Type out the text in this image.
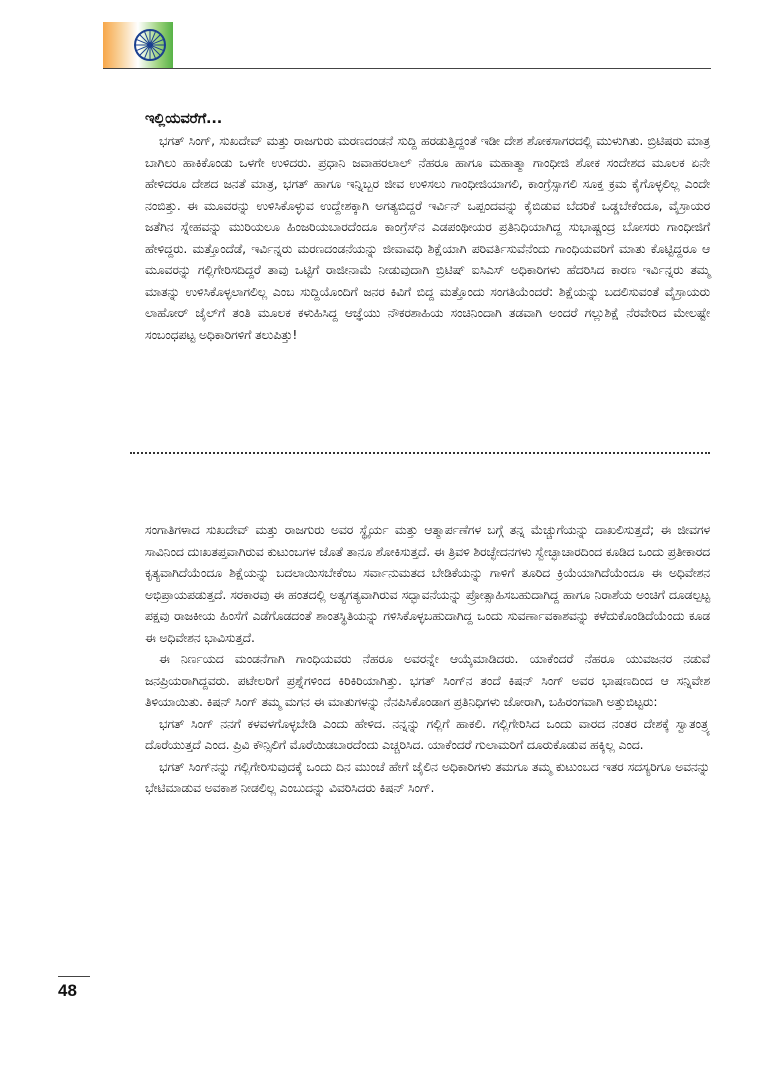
ಇಲ್ಲಿಯವರೆಗೆ...

ಭಗತ್ ಸಿಂಗ್, ಸುಖದೇವ್ ಮತ್ತು ರಾಜಗುರು ಮರಣದಂಡನೆ ಸುದ್ದಿ ಹರಡುತ್ತಿದ್ದಂತೆ ಇಡೀ ದೇಶ ಶೋಕಸಾಗರದಲ್ಲಿ ಮುಳುಗಿತು. ಬ್ರಿಟಿಷರು ಮಾತ್ರ ಬಾಗಿಲು ಹಾಕಿಕೊಂಡು ಒಳಗೇ ಉಳಿದರು. ಪ್ರಧಾನಿ ಜವಾಹರಲಾಲ್ ನೆಹರೂ ಹಾಗೂ ಮಹಾತ್ಮಾ ಗಾಂಧೀಜಿ ಶೋಕ ಸಂದೇಶದ ಮೂಲಕ ಏನೇ ಹೇಳಿದರೂ ದೇಶದ ಜನತೆ ಮಾತ್ರ, ಭಗತ್ ಹಾಗೂ ಇನ್ನಿಬ್ಬರ ಜೀವ ಉಳಿಸಲು ಗಾಂಧೀಜಿಯಾಗಲಿ, ಕಾಂಗ್ರೆಸ್ಸಾಗಲಿ ಸೂಕ್ತ ಕ್ರಮ ಕೈಗೊಳ್ಳಲಿಲ್ಲ ಎಂದೇ ನಂಬಿತ್ತು. ಈ ಮೂವರನ್ನು ಉಳಿಸಿಕೊಳ್ಳುವ ಉದ್ದೇಶಕ್ಕಾಗಿ ಅಗತ್ಯಬಿದ್ದರೆ ಇರ್ವಿನ್ ಒಪ್ಪಂದವನ್ನು ಕೈಬಿಡುವ ಬೆದರಿಕೆ ಒಡ್ಡಬೇಕೆಂದೂ, ವೈಸ್ರಾಯರ ಜತೆಗಿನ ಸ್ನೇಹವನ್ನು ಮುರಿಯಲೂ ಹಿಂಜರಿಯಬಾರದೆಂದೂ ಕಾಂಗ್ರೆಸ್‌ನ ಎಡಪಂಥೀಯರ ಪ್ರತಿನಿಧಿಯಾಗಿದ್ದ ಸುಭಾಷ್ಚಂದ್ರ ಬೋಸರು ಗಾಂಧೀಜಿಗೆ ಹೇಳಿದ್ದರು. ಮತ್ತೊಂದೆಡೆ, ಇರ್ವಿನ್ನರು ಮರಣದಂಡನೆಯನ್ನು ಜೀವಾವಧಿ ಶಿಕ್ಷೆಯಾಗಿ ಪರಿವರ್ತಿಸುವೆನೆಂದು ಗಾಂಧಿಯವರಿಗೆ ಮಾತು ಕೊಟ್ಟಿದ್ದರೂ ಆ ಮೂವರನ್ನು ಗಲ್ಲಿಗೇರಿಸದಿದ್ದರೆ ತಾವು ಒಟ್ಟಿಗೆ ರಾಜೀನಾಮೆ ನೀಡುವುದಾಗಿ ಬ್ರಿಟಿಷ್ ಐಸಿಎಸ್ ಅಧಿಕಾರಿಗಳು ಹೆದರಿಸಿದ ಕಾರಣ ಇರ್ವಿನ್ನರು ತಮ್ಮ ಮಾತನ್ನು ಉಳಿಸಿಕೊಳ್ಳಲಾಗಲಿಲ್ಲ ಎಂಬ ಸುದ್ದಿಯೊಂದಿಗೆ ಜನರ ಕಿವಿಗೆ ಬಿದ್ದ ಮತ್ತೊಂದು ಸಂಗತಿಯೆಂದರೆ: ಶಿಕ್ಷೆಯನ್ನು ಬದಲಿಸುವಂತೆ ವೈಸ್ರಾಯರು ಲಾಹೋರ್ ಜೈಲ್‌ಗೆ ತಂತಿ ಮೂಲಕ ಕಳುಹಿಸಿದ್ದ ಆಜ್ಞೆಯು ನೌಕರಶಾಹಿಯ ಸಂಚಿನಿಂದಾಗಿ ತಡವಾಗಿ ಅಂದರೆ ಗಲ್ಲುಶಿಕ್ಷೆ ನೆರವೇರಿದ ಮೇಲಷ್ಟೇ ಸಂಬಂಧಪಟ್ಟ ಅಧಿಕಾರಿಗಳಿಗೆ ತಲುಪಿತ್ತು!

ಸಂಗಾತಿಗಳಾದ ಸುಖದೇವ್ ಮತ್ತು ರಾಜಗುರು ಅವರ ಸ್ಥೈರ್ಯ ಮತ್ತು ಆತ್ಮಾರ್ಪಣೆಗಳ ಬಗ್ಗೆ ತನ್ನ ಮೆಚ್ಚುಗೆಯನ್ನು ದಾಖಲಿಸುತ್ತದೆ; ಈ ಜೀವಗಳ ಸಾವಿನಿಂದ ದುಃಖತಪ್ತವಾಗಿರುವ ಕುಟುಂಬಗಳ ಜೊತೆ ತಾನೂ ಶೋಕಿಸುತ್ತದೆ. ಈ ತ್ರಿವಳಿ ಶಿರಚ್ಛೇದನಗಳು ಸ್ವೇಚ್ಛಾಚಾರದಿಂದ ಕೂಡಿದ ಒಂದು ಪ್ರತೀಕಾರದ ಕೃತ್ಯವಾಗಿದೆಯೆಂದೂ ಶಿಕ್ಷೆಯನ್ನು ಬದಲಾಯಿಸಬೇಕೆಂಬ ಸರ್ವಾನುಮತದ ಬೇಡಿಕೆಯನ್ನು ಗಾಳಿಗೆ ತೂರಿದ ಕ್ರಿಯೆಯಾಗಿದೆಯೆಂದೂ ಈ ಅಧಿವೇಶನ ಅಭಿಪ್ರಾಯಪಡುತ್ತದೆ. ಸರಕಾರವು ಈ ಹಂತದಲ್ಲಿ ಅತ್ಯಗತ್ಯವಾಗಿರುವ ಸದ್ಭಾವನೆಯನ್ನು ಪ್ರೋತ್ಸಾಹಿಸಬಹುದಾಗಿದ್ದ ಹಾಗೂ ನಿರಾಶೆಯ ಅಂಚಿಗೆ ದೂಡಲ್ಪಟ್ಟ ಪಕ್ಷವು ರಾಜಕೀಯ ಹಿಂಸೆಗೆ ಎಡೆಗೊಡದಂತೆ ಶಾಂತಸ್ಥಿತಿಯನ್ನು ಗಳಿಸಿಕೊಳ್ಳಬಹುದಾಗಿದ್ದ ಒಂದು ಸುವರ್ಣಾವಕಾಶವನ್ನು ಕಳೆದುಕೊಂಡಿದೆಯೆಂದು ಕೂಡ ಈ ಅಧಿವೇಶನ ಭಾವಿಸುತ್ತದೆ.

ಈ ನಿರ್ಣಯದ ಮಂಡನೆಗಾಗಿ ಗಾಂಧಿಯವರು ನೆಹರೂ ಅವರನ್ನೇ ಆಯ್ಕೆಮಾಡಿದರು. ಯಾಕೆಂದರೆ ನೆಹರೂ ಯುವಜನರ ನಡುವೆ ಜನಪ್ರಿಯರಾಗಿದ್ದವರು. ಪಟೇಲರಿಗೆ ಪ್ರಶ್ನೆಗಳಿಂದ ಕಿರಿಕಿರಿಯಾಗಿತ್ತು. ಭಗತ್ ಸಿಂಗ್‌ನ ತಂದೆ ಕಿಷನ್ ಸಿಂಗ್ ಅವರ ಭಾಷಣದಿಂದ ಆ ಸನ್ನಿವೇಶ ತಿಳಿಯಾಯಿತು. ಕಿಷನ್ ಸಿಂಗ್ ತಮ್ಮ ಮಗನ ಈ ಮಾತುಗಳನ್ನು ನೆನಪಿಸಿಕೊಂಡಾಗ ಪ್ರತಿನಿಧಿಗಳು ಜೋರಾಗಿ, ಬಹಿರಂಗವಾಗಿ ಅತ್ತುಬಿಟ್ಟರು:

ಭಗತ್ ಸಿಂಗ್ ನನಗೆ ಕಳವಳಗೊಳ್ಳಬೇಡಿ ಎಂದು ಹೇಳಿದ. ನನ್ನನ್ನು ಗಲ್ಲಿಗೆ ಹಾಕಲಿ. ಗಲ್ಲಿಗೇರಿಸಿದ ಒಂದು ವಾರದ ನಂತರ ದೇಶಕ್ಕೆ ಸ್ವಾತಂತ್ರ್ಯ ದೊರೆಯುತ್ತದೆ ಎಂದ. ಪ್ರಿವಿ ಕೌನ್ಸಿಲಿಗೆ ಮೊರೆಯಿಡಬಾರದೆಂದು ಎಚ್ಚರಿಸಿದ. ಯಾಕೆಂದರೆ ಗುಲಾಮರಿಗೆ ದೂರುಕೊಡುವ ಹಕ್ಕಿಲ್ಲ ಎಂದ.

ಭಗತ್ ಸಿಂಗ್‌ನನ್ನು ಗಲ್ಲಿಗೇರಿಸುವುದಕ್ಕೆ ಒಂದು ದಿನ ಮುಂಚೆ ಹೇಗೆ ಜೈಲಿನ ಅಧಿಕಾರಿಗಳು ತಮಗೂ ತಮ್ಮ ಕುಟುಂಬದ ಇತರ ಸದಸ್ಯರಿಗೂ ಅವನನ್ನು ಭೇಟಿಮಾಡುವ ಅವಕಾಶ ನೀಡಲಿಲ್ಲ ಎಂಬುದನ್ನು ವಿವರಿಸಿದರು ಕಿಷನ್ ಸಿಂಗ್.

48
